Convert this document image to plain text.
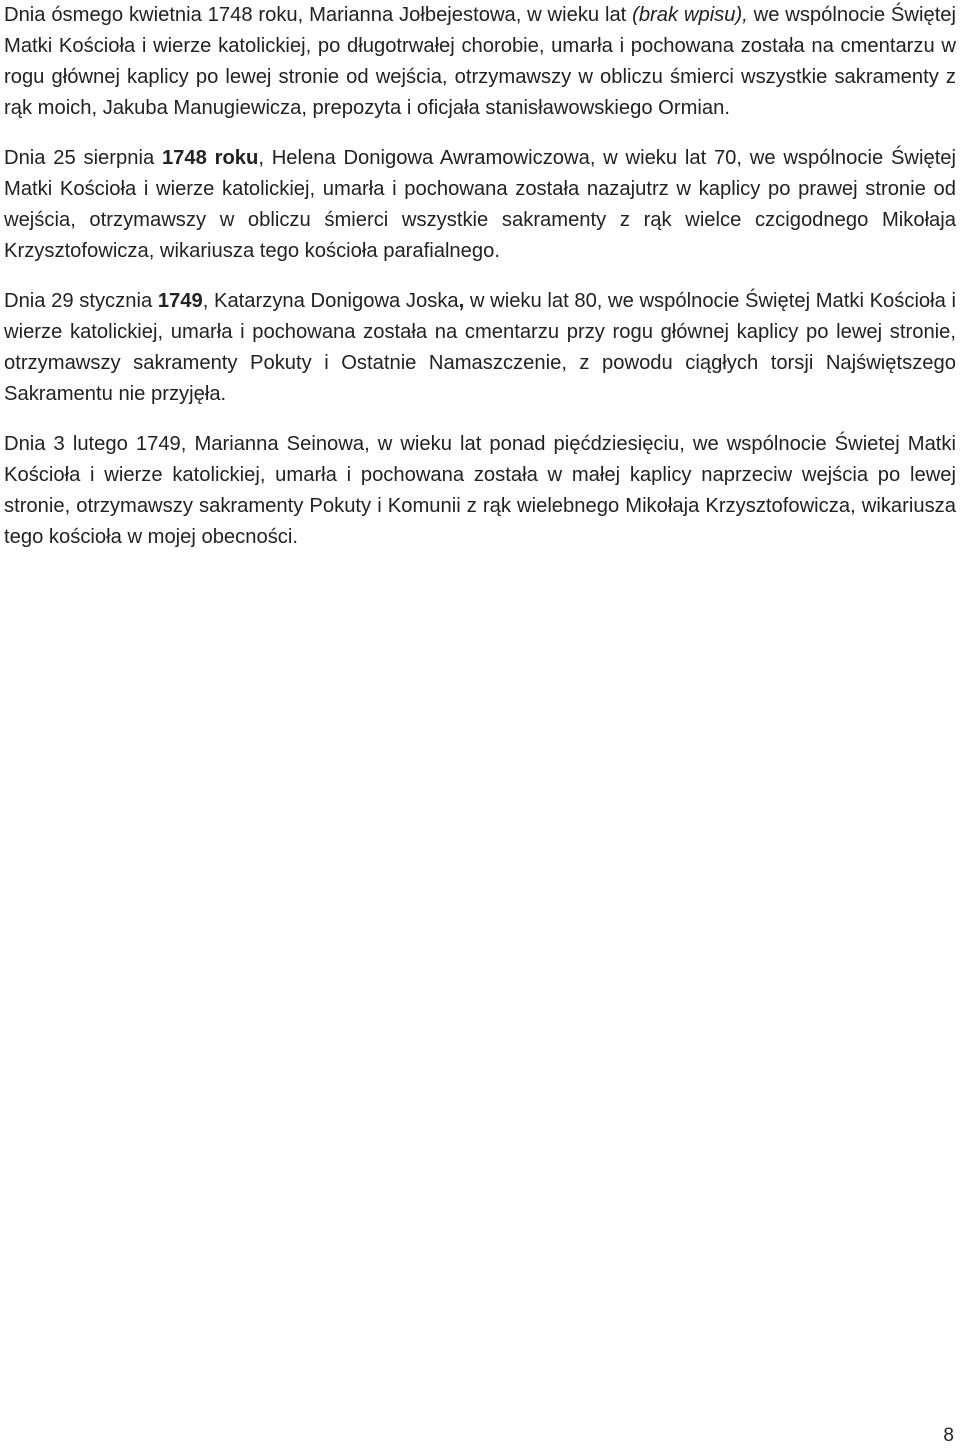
Dnia ósmego kwietnia 1748 roku, Marianna Jołbejestowa, w wieku lat (brak wpisu), we wspólnocie Świętej Matki Kościoła i wierze katolickiej, po długotrwałej chorobie, umarła i pochowana została na cmentarzu w rogu głównej kaplicy po lewej stronie od wejścia, otrzymawszy w obliczu śmierci wszystkie sakramenty z rąk moich, Jakuba Manugiewicza, prepozyta i oficjała stanisławowskiego Ormian.

Dnia 25 sierpnia 1748 roku, Helena Donigowa Awramowiczowa, w wieku lat 70, we wspólnocie Świętej Matki Kościoła i wierze katolickiej, umarła i pochowana została nazajutrz w kaplicy po prawej stronie od wejścia, otrzymawszy w obliczu śmierci wszystkie sakramenty z rąk wielce czcigodnego Mikołaja Krzysztofowicza, wikariusza tego kościoła parafialnego.

Dnia 29 stycznia 1749, Katarzyna Donigowa Joska, w wieku lat 80, we wspólnocie Świętej Matki Kościoła i wierze katolickiej, umarła i pochowana została na cmentarzu przy rogu głównej kaplicy po lewej stronie, otrzymawszy sakramenty Pokuty i Ostatnie Namaszczenie, z powodu ciągłych torsji Najświętszego Sakramentu nie przyjęła.

Dnia 3 lutego 1749, Marianna Seinowa, w wieku lat ponad pięćdziesięciu, we wspólnocie Świetej Matki Kościoła i wierze katolickiej, umarła i pochowana została w małej kaplicy naprzeciw wejścia po lewej stronie, otrzymawszy sakramenty Pokuty i Komunii z rąk wielebnego Mikołaja Krzysztofowicza, wikariusza tego kościoła w mojej obecności.

8
